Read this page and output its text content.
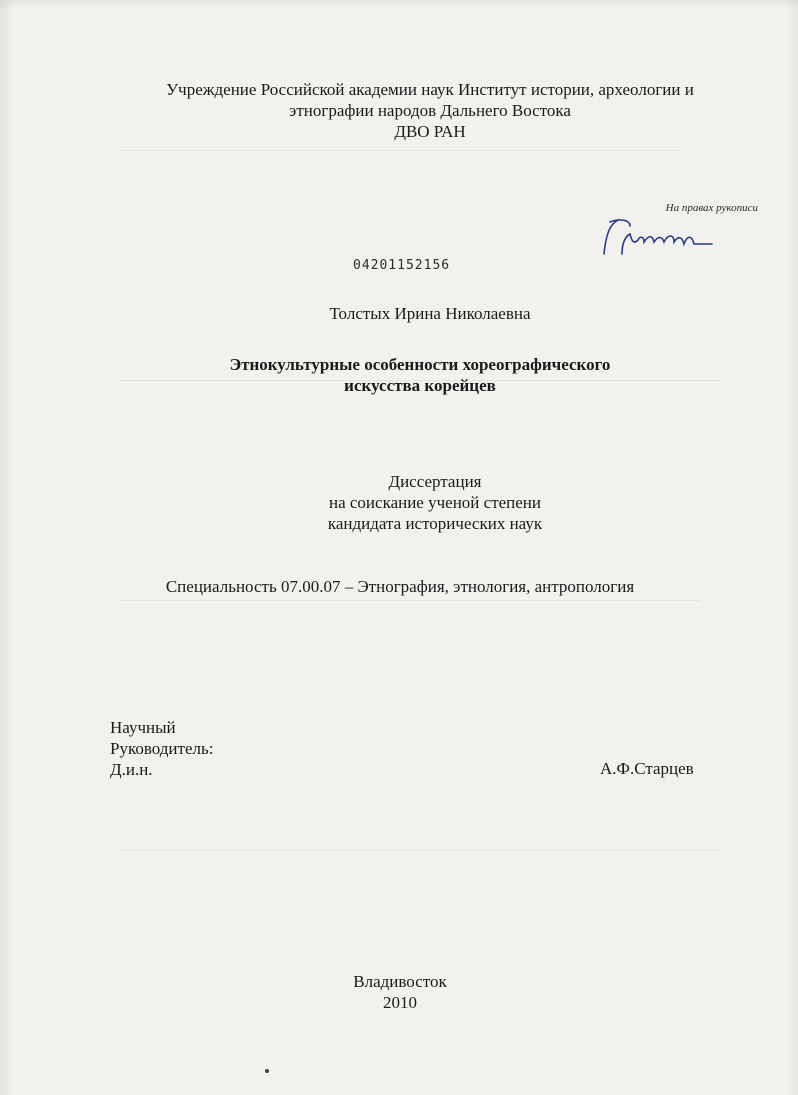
Учреждение Российской академии наук Институт истории, археологии и
этнографии народов Дальнего Востока
ДВО РАН
На правах рукописи
04201152156
Толстых Ирина Николаевна
Этнокультурные особенности хореографического
искусства корейцев
Диссертация
на соискание ученой степени
кандидата исторических наук
Специальность 07.00.07 – Этнография, этнология, антропология
Научный
Руководитель:
Д.и.н.	А.Ф.Старцев
Владивосток
2010
